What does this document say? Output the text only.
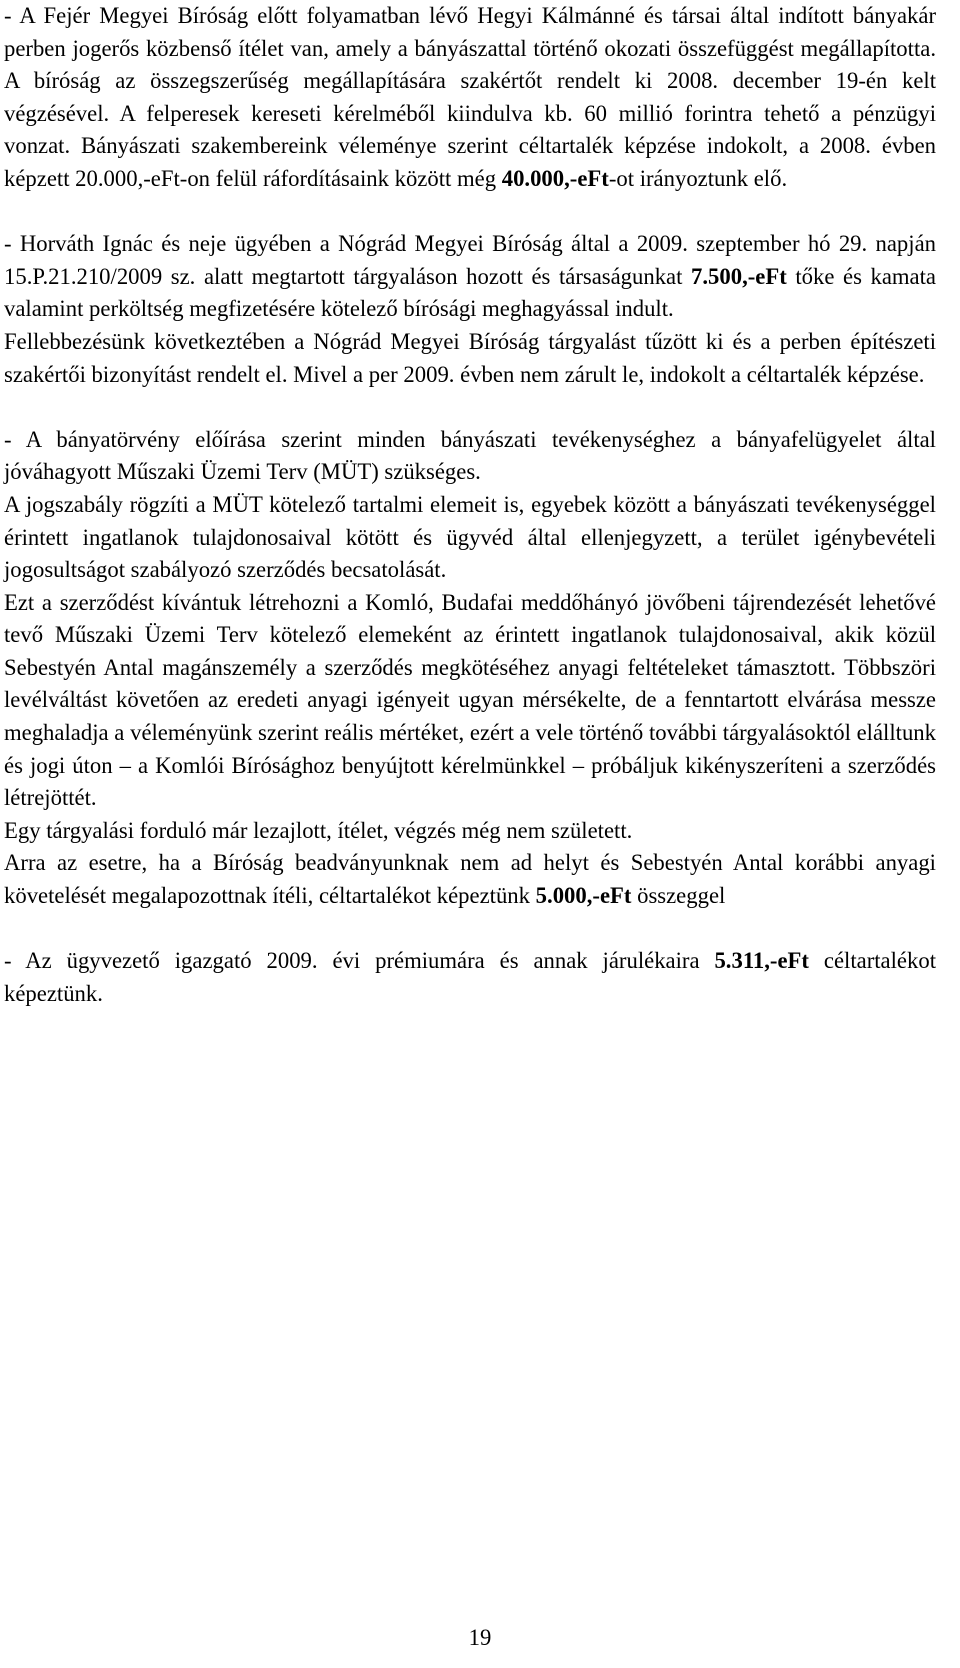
- A Fejér Megyei Bíróság előtt folyamatban lévő Hegyi Kálmánné és társai által indított bányakár perben jogerős közbenső ítélet van, amely a bányászattal történő okozati összefüggést megállapította. A bíróság az összegszerűség megállapítására szakértőt rendelt ki 2008. december 19-én kelt végzésével. A felperesek kereseti kérelméből kiindulva kb. 60 millió forintra tehető a pénzügyi vonzat. Bányászati szakembereink véleménye szerint céltartalék képzése indokolt, a 2008. évben képzett 20.000,-eFt-on felül ráfordításaink között még 40.000,-eFt-ot irányoztunk elő.

- Horváth Ignác és neje ügyében a Nógrád Megyei Bíróság által a 2009. szeptember hó 29. napján 15.P.21.210/2009 sz. alatt megtartott tárgyaláson hozott és társaságunkat 7.500,-eFt tőke és kamata valamint perköltség megfizetésére kötelező bírósági meghagyással indult.

Fellebbezésünk következtében a Nógrád Megyei Bíróság tárgyalást tűzött ki és a perben építészeti szakértői bizonyítást rendelt el. Mivel a per 2009. évben nem zárult le, indokolt a céltartalék képzése.

- A bányatörvény előírása szerint minden bányászati tevékenységhez a bányafelügyelet által jóváhagyott Műszaki Üzemi Terv (MÜT) szükséges.

A jogszabály rögzíti a MÜT kötelező tartalmi elemeit is, egyebek között a bányászati tevékenységgel érintett ingatlanok tulajdonosaival kötött és ügyvéd által ellenjegyzett, a terület igénybevételi jogosultságot szabályozó szerződés becsatolását.

Ezt a szerződést kívántuk létrehozni a Komló, Budafai meddőhányó jövőbeni tájrendezését lehetővé tevő Műszaki Üzemi Terv kötelező elemeként az érintett ingatlanok tulajdonosaival, akik közül Sebestyén Antal magánszemély a szerződés megkötéséhez anyagi feltételeket támasztott. Többszöri levélváltást követően az eredeti anyagi igényeit ugyan mérsékelte, de a fenntartott elvárása messze meghaladja a véleményünk szerint reális mértéket, ezért a vele történő további tárgyalásoktól elálltunk és jogi úton – a Komlói Bírósághoz benyújtott kérelmünkkel – próbáljuk kikényszeríteni a szerződés létrejöttét.

Egy tárgyalási forduló már lezajlott, ítélet, végzés még nem született.

Arra az esetre, ha a Bíróság beadványunknak nem ad helyt és Sebestyén Antal korábbi anyagi követelését megalapozottnak ítéli, céltartalékot képeztünk 5.000,-eFt összeggel

- Az ügyvezető igazgató 2009. évi prémiumára és annak járulékaira 5.311,-eFt céltartalékot képeztünk.

19
